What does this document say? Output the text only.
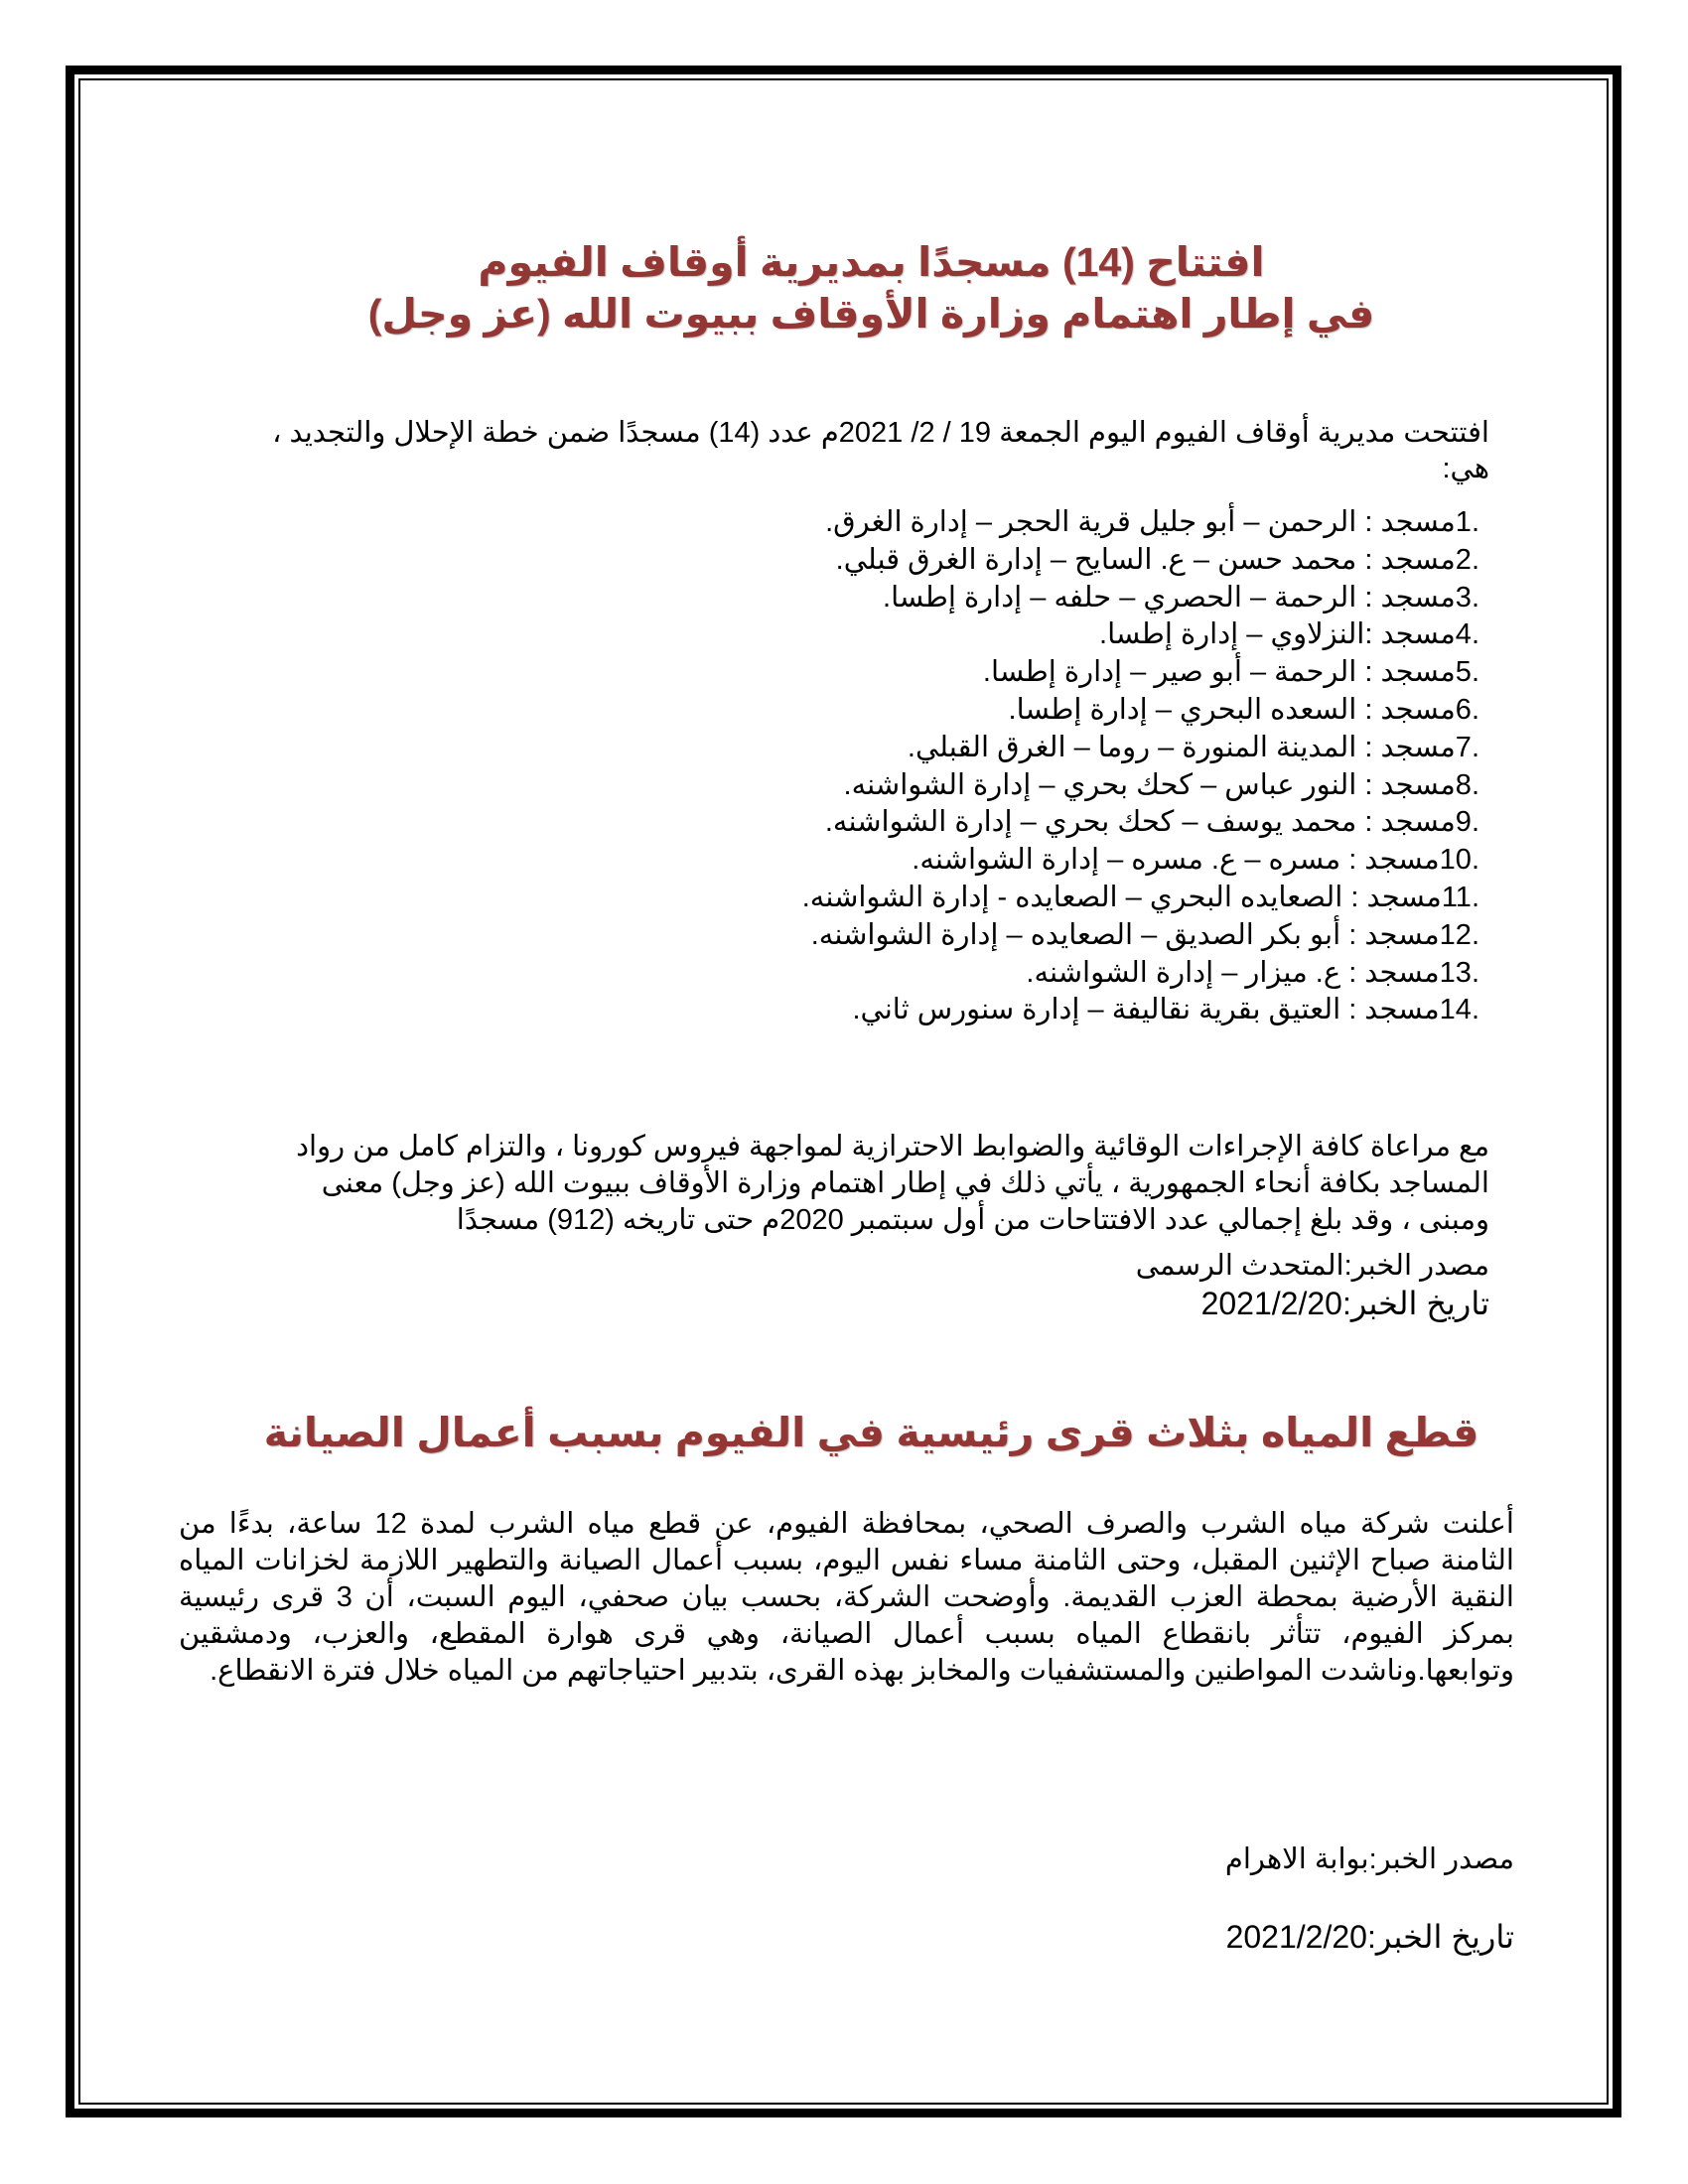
افتتاح (14) مسجدًا بمديرية أوقاف الفيوم
في إطار اهتمام وزارة الأوقاف ببيوت الله (عز وجل)

افتتحت مديرية أوقاف الفيوم اليوم الجمعة 19 / 2/ 2021م عدد (14) مسجدًا ضمن خطة الإحلال والتجديد ، هي:

.1مسجد : الرحمن – أبو جليل قرية الحجر – إدارة الغرق.
.2مسجد : محمد حسن – ع. السايح – إدارة الغرق قبلي.
.3مسجد : الرحمة – الحصري – حلفه – إدارة إطسا.
.4مسجد :النزلاوي – إدارة إطسا.
.5مسجد : الرحمة – أبو صير – إدارة إطسا.
.6مسجد : السعده البحري – إدارة إطسا.
.7مسجد : المدينة المنورة – روما – الغرق القبلي.
.8مسجد : النور عباس – كحك بحري – إدارة الشواشنه.
.9مسجد : محمد يوسف – كحك بحري – إدارة الشواشنه.
.10مسجد : مسره – ع. مسره – إدارة الشواشنه.
.11مسجد : الصعايده البحري – الصعايده - إدارة الشواشنه.
.12مسجد : أبو بكر الصديق – الصعايده – إدارة الشواشنه.
.13مسجد : ع. ميزار – إدارة الشواشنه.
.14مسجد : العتيق بقرية نقاليفة – إدارة سنورس ثاني.

مع مراعاة كافة الإجراءات الوقائية والضوابط الاحترازية لمواجهة فيروس كورونا ، والتزام كامل من رواد المساجد بكافة أنحاء الجمهورية ، يأتي ذلك في إطار اهتمام وزارة الأوقاف ببيوت الله (عز وجل) معنى ومبنى ، وقد بلغ إجمالي عدد الافتتاحات من أول سبتمبر 2020م حتى تاريخه (912) مسجدًا

مصدر الخبر:المتحدث الرسمى
تاريخ الخبر:2021/2/20
قطع المياه بثلاث قرى رئيسية في الفيوم بسبب أعمال الصيانة

أعلنت شركة مياه الشرب والصرف الصحي، بمحافظة الفيوم، عن قطع مياه الشرب لمدة 12 ساعة، بدءًا من الثامنة صباح الإثنين المقبل، وحتى الثامنة مساء نفس اليوم، بسبب أعمال الصيانة والتطهير اللازمة لخزانات المياه النقية الأرضية بمحطة العزب القديمة. وأوضحت الشركة، بحسب بيان صحفي، اليوم السبت، أن 3 قرى رئيسية بمركز الفيوم، تتأثر بانقطاع المياه بسبب أعمال الصيانة، وهي قرى هوارة المقطع، والعزب، ودمشقين وتوابعها.وناشدت المواطنين والمستشفيات والمخابز بهذه القرى، بتدبير احتياجاتهم من المياه خلال فترة الانقطاع.

مصدر الخبر:بوابة الاهرام
تاريخ الخبر:2021/2/20
